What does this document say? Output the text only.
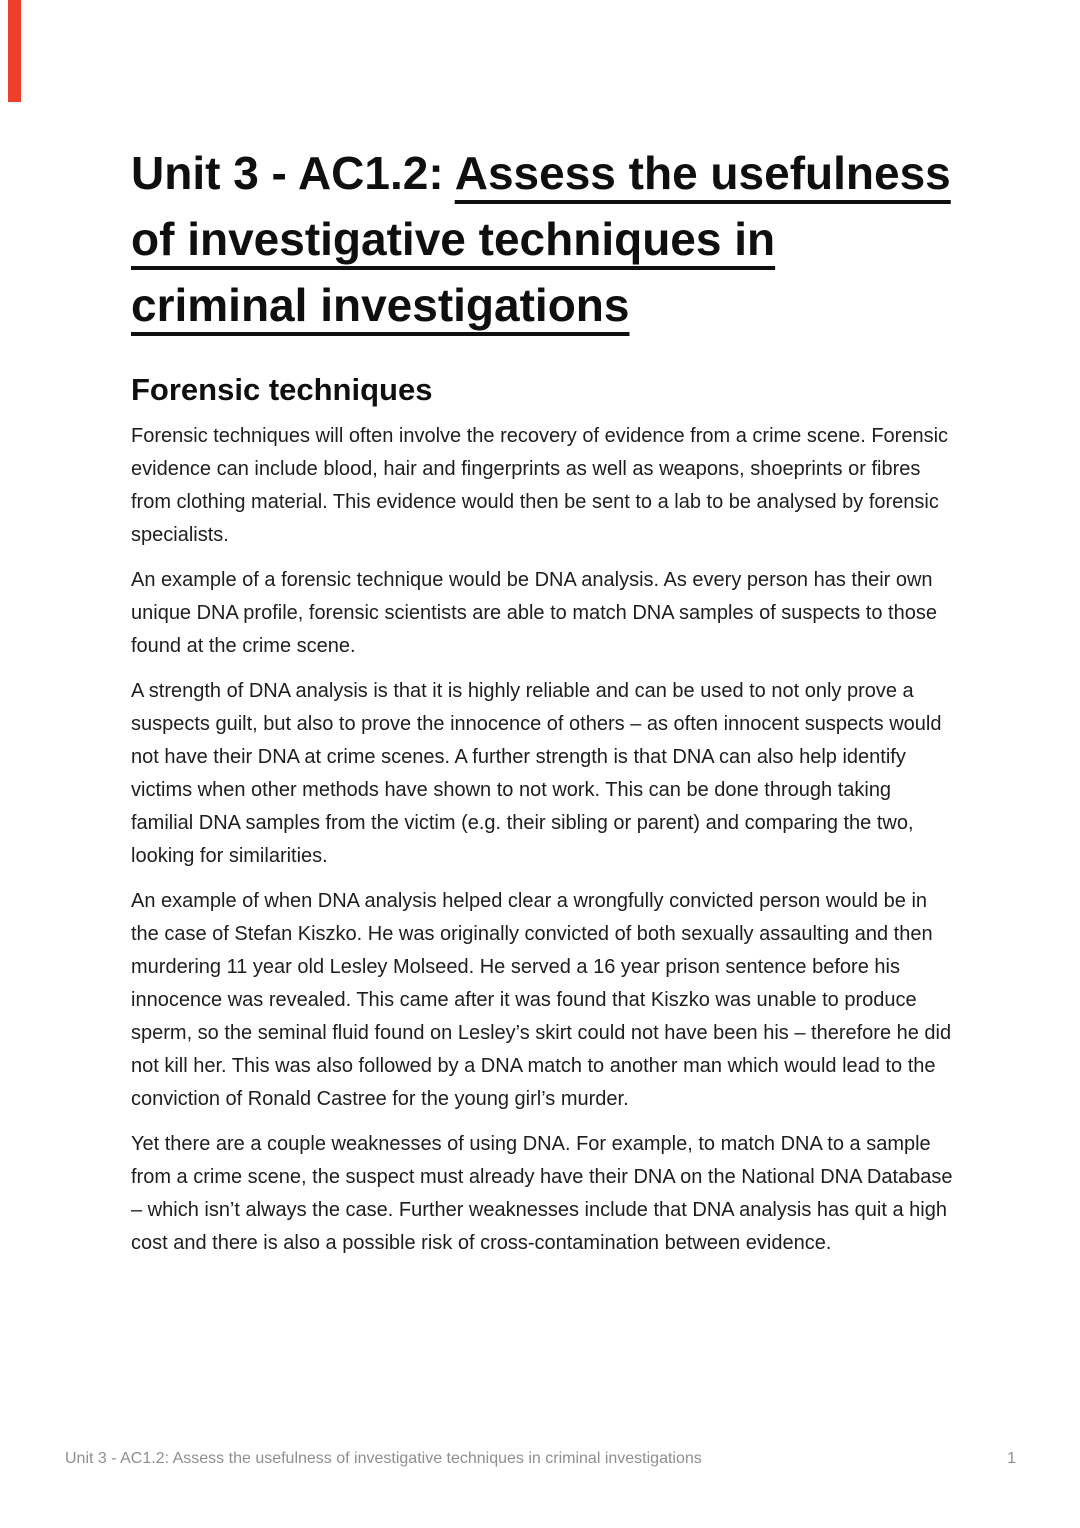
Unit 3 - AC1.2: Assess the usefulness of investigative techniques in criminal investigations
Forensic techniques

Forensic techniques will often involve the recovery of evidence from a crime scene. Forensic evidence can include blood, hair and fingerprints as well as weapons, shoeprints or fibres from clothing material. This evidence would then be sent to a lab to be analysed by forensic specialists.

An example of a forensic technique would be DNA analysis. As every person has their own unique DNA profile, forensic scientists are able to match DNA samples of suspects to those found at the crime scene.

A strength of DNA analysis is that it is highly reliable and can be used to not only prove a suspects guilt, but also to prove the innocence of others – as often innocent suspects would not have their DNA at crime scenes. A further strength is that DNA can also help identify victims when other methods have shown to not work. This can be done through taking familial DNA samples from the victim (e.g. their sibling or parent) and comparing the two, looking for similarities.

An example of when DNA analysis helped clear a wrongfully convicted person would be in the case of Stefan Kiszko. He was originally convicted of both sexually assaulting and then murdering 11 year old Lesley Molseed. He served a 16 year prison sentence before his innocence was revealed. This came after it was found that Kiszko was unable to produce sperm, so the seminal fluid found on Lesley’s skirt could not have been his – therefore he did not kill her. This was also followed by a DNA match to another man which would lead to the conviction of Ronald Castree for the young girl’s murder.

Yet there are a couple weaknesses of using DNA. For example, to match DNA to a sample from a crime scene, the suspect must already have their DNA on the National DNA Database – which isn’t always the case. Further weaknesses include that DNA analysis has quit a high cost and there is also a possible risk of cross-contamination between evidence.

Unit 3 - AC1.2: Assess the usefulness of investigative techniques in criminal investigations	1
